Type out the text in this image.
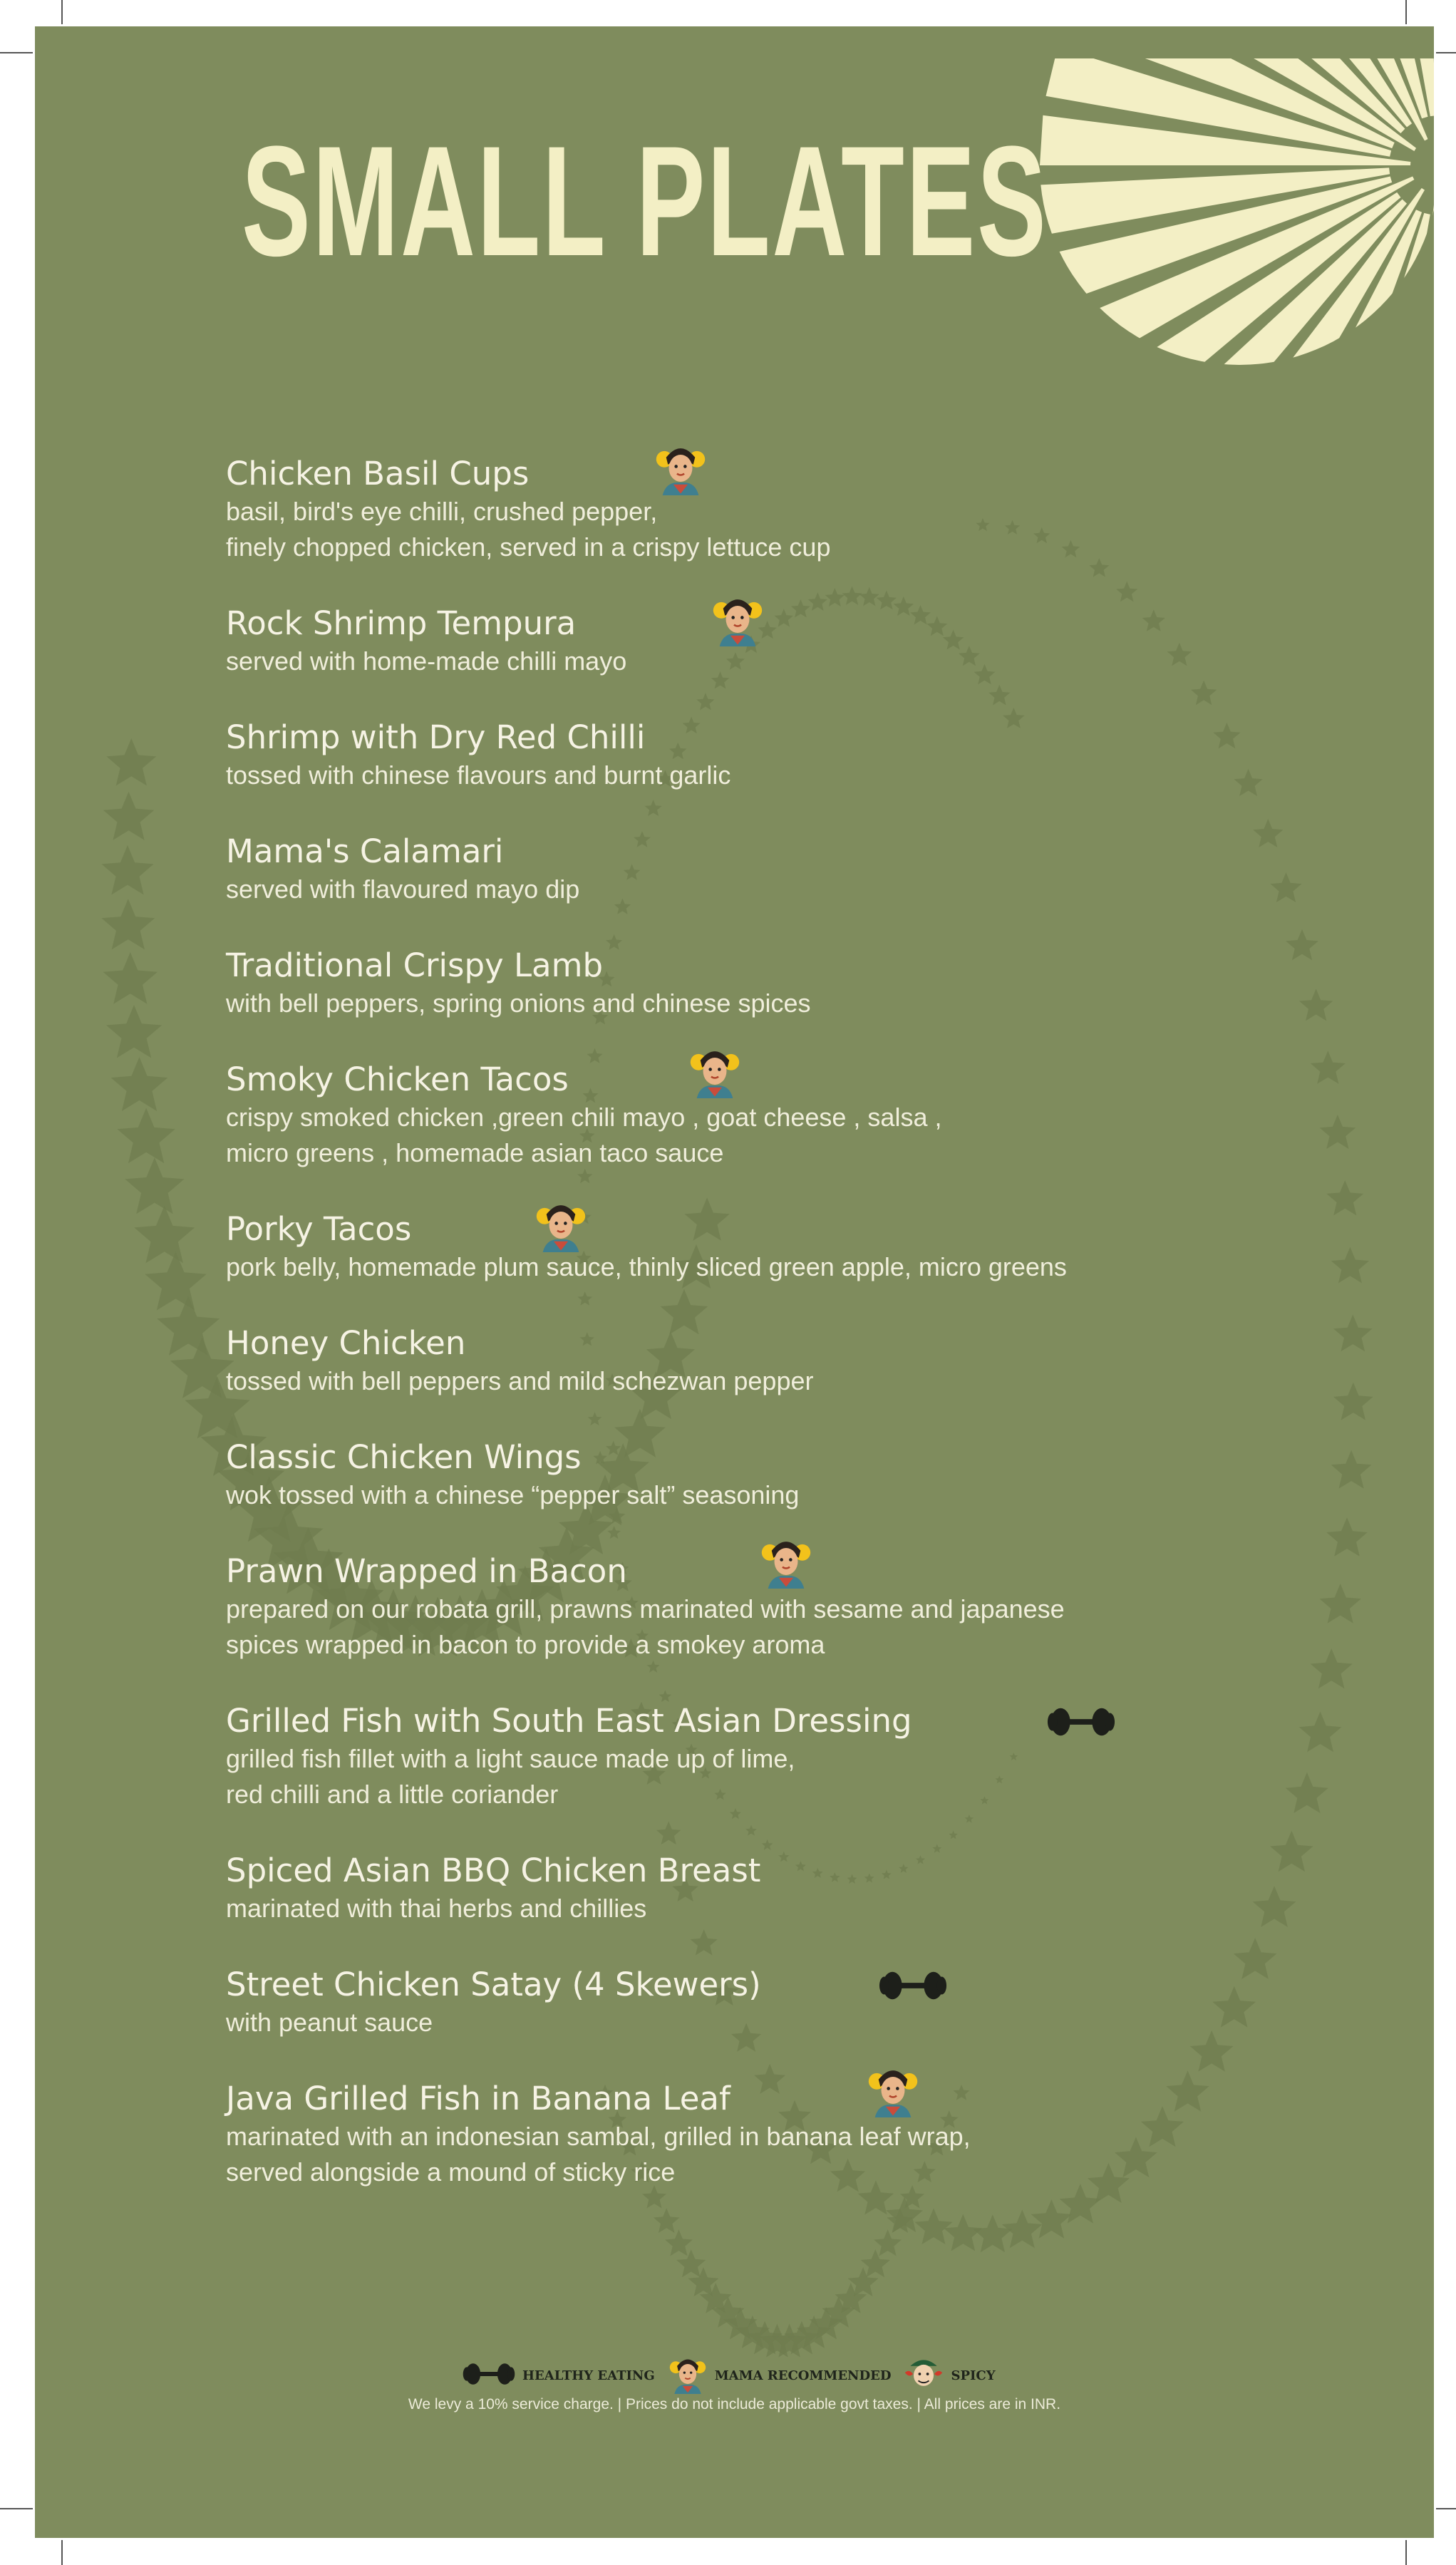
SMALL PLATES
Chicken Basil Cups
basil, bird's eye chilli, crushed pepper,
finely chopped chicken, served in a crispy lettuce cup
Rock Shrimp Tempura
served with home-made chilli mayo
Shrimp with Dry Red Chilli
tossed with chinese flavours and burnt garlic
Mama's Calamari
served with flavoured mayo dip
Traditional Crispy Lamb
with bell peppers, spring onions and chinese spices
Smoky Chicken Tacos
crispy smoked chicken ,green chili mayo , goat cheese , salsa ,
micro greens , homemade asian taco sauce
Porky Tacos
pork belly, homemade plum sauce, thinly sliced green apple, micro greens
Honey Chicken
tossed with bell peppers and mild schezwan pepper
Classic Chicken Wings
wok tossed with a chinese “pepper salt” seasoning
Prawn Wrapped in Bacon
prepared on our robata grill, prawns marinated with sesame and japanese
spices wrapped in bacon to provide a smokey aroma
Grilled Fish with South East Asian Dressing
grilled fish fillet with a light sauce made up of lime,
red chilli and a little coriander
Spiced Asian BBQ Chicken Breast
marinated with thai herbs and chillies
Street Chicken Satay (4 Skewers)
with peanut sauce
Java Grilled Fish in Banana Leaf
marinated with an indonesian sambal, grilled in banana leaf wrap,
served alongside a mound of sticky rice
HEALTHY EATING	MAMA RECOMMENDED	SPICY
We levy a 10% service charge. | Prices do not include applicable govt taxes. | All prices are in INR.
